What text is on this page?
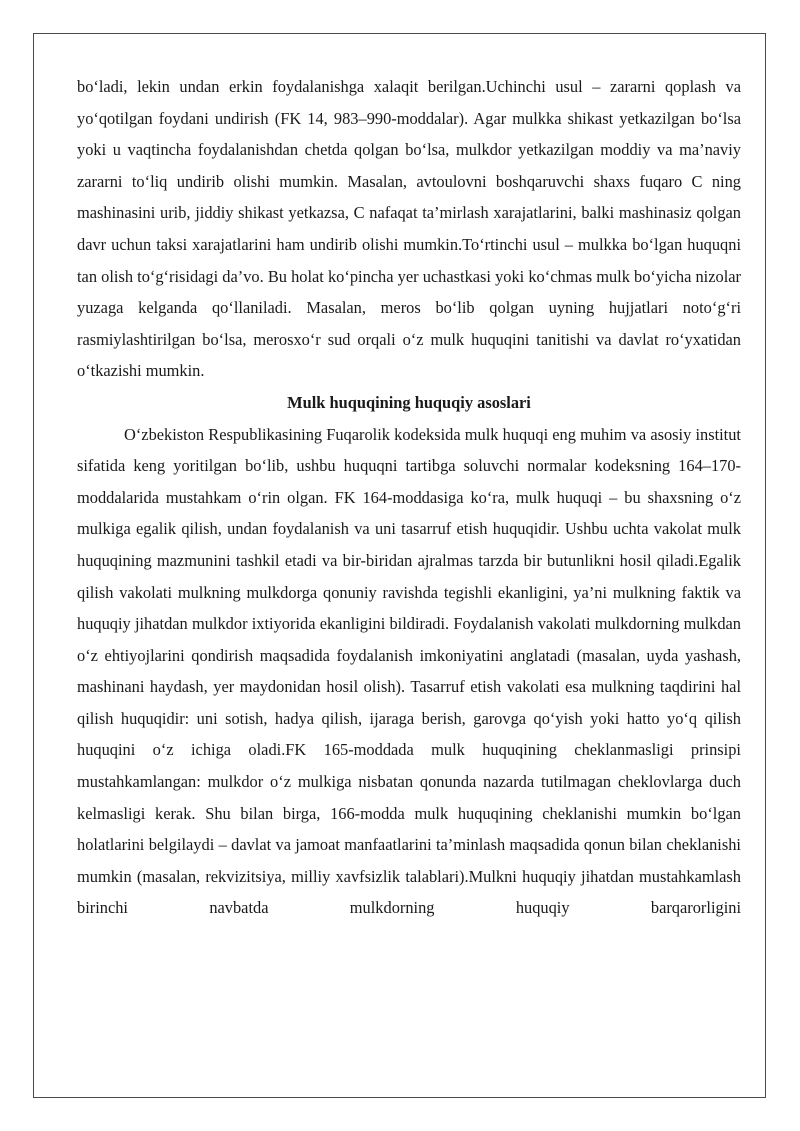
bo‘ladi, lekin undan erkin foydalanishga xalaqit berilgan.Uchinchi usul – zararni qoplash va yo‘qotilgan foydani undirish (FK 14, 983–990-moddalar). Agar mulkka shikast yetkazilgan bo‘lsa yoki u vaqtincha foydalanishdan chetda qolgan bo‘lsa, mulkdor yetkazilgan moddiy va ma’naviy zararni to‘liq undirib olishi mumkin. Masalan, avtoulovni boshqaruvchi shaxs fuqaro C ning mashinasini urib, jiddiy shikast yetkazsa, C nafaqat ta’mirlash xarajatlarini, balki mashinasiz qolgan davr uchun taksi xarajatlarini ham undirib olishi mumkin.To‘rtinchi usul – mulkka bo‘lgan huquqni tan olish to‘g‘risidagi da’vo. Bu holat ko‘pincha yer uchastkasi yoki ko‘chmas mulk bo‘yicha nizolar yuzaga kelganda qo‘llaniladi. Masalan, meros bo‘lib qolgan uyning hujjatlari noto‘g‘ri rasmiylashtirilgan bo‘lsa, merosxo‘r sud orqali o‘z mulk huquqini tanitishi va davlat ro‘yxatidan o‘tkazishi mumkin.

Mulk huquqining huquqiy asoslari

O‘zbekiston Respublikasining Fuqarolik kodeksida mulk huquqi eng muhim va asosiy institut sifatida keng yoritilgan bo‘lib, ushbu huquqni tartibga soluvchi normalar kodeksning 164–170-moddalarida mustahkam o‘rin olgan. FK 164-moddasiga ko‘ra, mulk huquqi – bu shaxsning o‘z mulkiga egalik qilish, undan foydalanish va uni tasarruf etish huquqidir. Ushbu uchta vakolat mulk huquqining mazmunini tashkil etadi va bir-biridan ajralmas tarzda bir butunlikni hosil qiladi.Egalik qilish vakolati mulkning mulkdorga qonuniy ravishda tegishli ekanligini, ya’ni mulkning faktik va huquqiy jihatdan mulkdor ixtiyorida ekanligini bildiradi. Foydalanish vakolati mulkdorning mulkdan o‘z ehtiyojlarini qondirish maqsadida foydalanish imkoniyatini anglatadi (masalan, uyda yashash, mashinani haydash, yer maydonidan hosil olish). Tasarruf etish vakolati esa mulkning taqdirini hal qilish huquqidir: uni sotish, hadya qilish, ijaraga berish, garovga qo‘yish yoki hatto yo‘q qilish huquqini o‘z ichiga oladi.FK 165-moddada mulk huquqining cheklanmasligi prinsipi mustahkamlangan: mulkdor o‘z mulkiga nisbatan qonunda nazarda tutilmagan cheklovlarga duch kelmasligi kerak. Shu bilan birga, 166-modda mulk huquqining cheklanishi mumkin bo‘lgan holatlarini belgilaydi – davlat va jamoat manfaatlarini ta’minlash maqsadida qonun bilan cheklanishi mumkin (masalan, rekvizitsiya, milliy xavfsizlik talablari).Mulkni huquqiy jihatdan mustahkamlash birinchi navbatda mulkdorning huquqiy barqarorligini
